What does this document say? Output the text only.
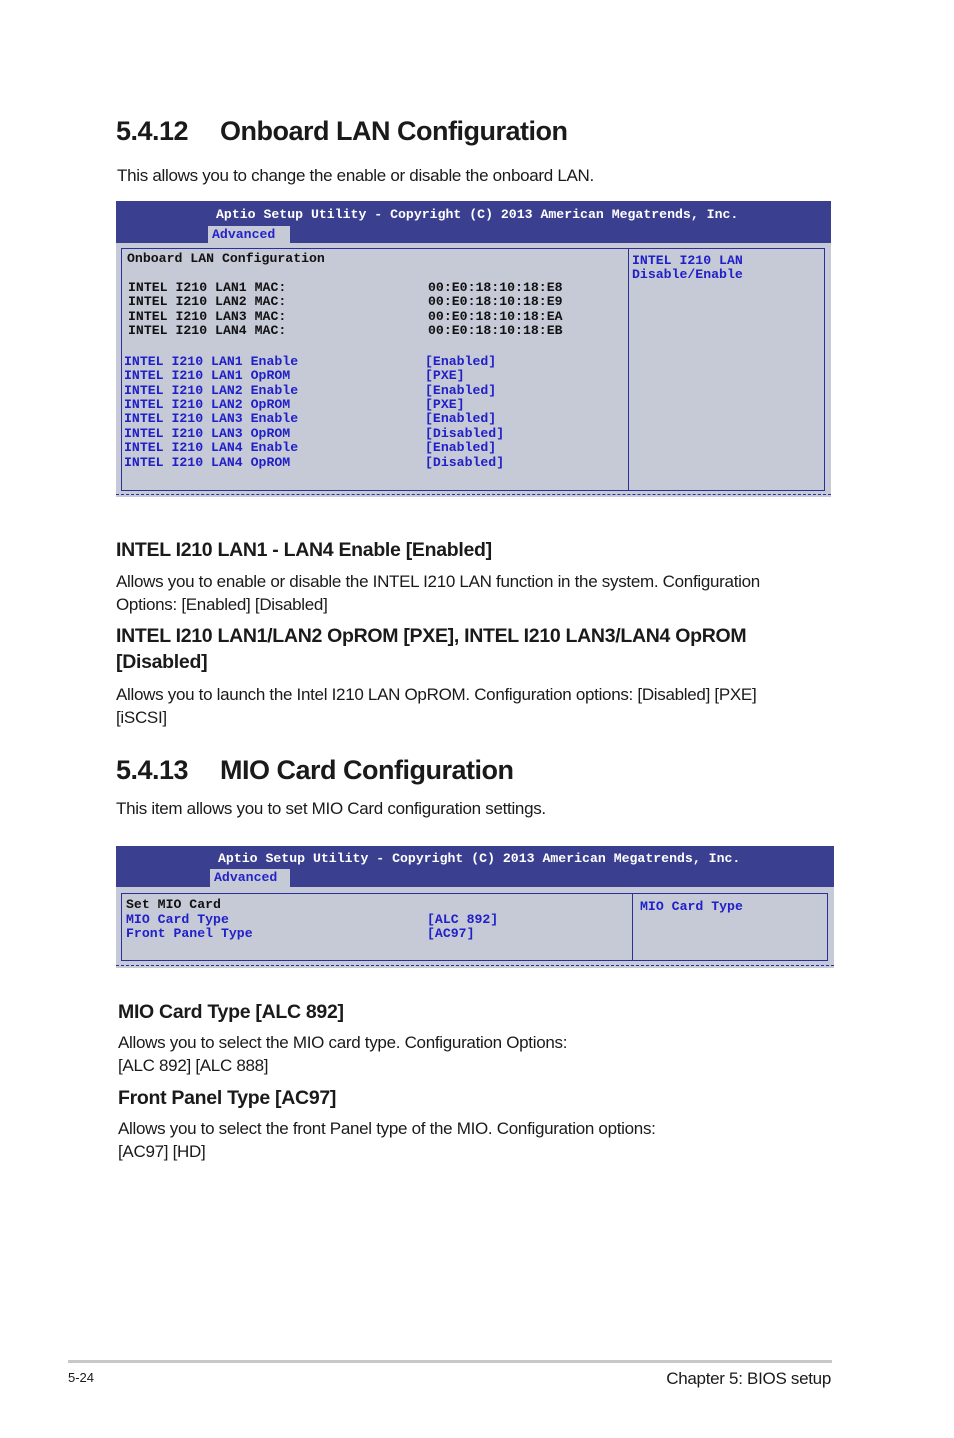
5.4.12 Onboard LAN Configuration
This allows you to change the enable or disable the onboard LAN.
Aptio Setup Utility - Copyright (C) 2013 American Megatrends, Inc.
Advanced
Onboard LAN Configuration
INTEL I210 LAN1 MAC:	00:E0:18:10:18:E8
INTEL I210 LAN2 MAC:	00:E0:18:10:18:E9
INTEL I210 LAN3 MAC:	00:E0:18:10:18:EA
INTEL I210 LAN4 MAC:	00:E0:18:10:18:EB
INTEL I210 LAN1 Enable	[Enabled]
INTEL I210 LAN1 OpROM	[PXE]
INTEL I210 LAN2 Enable	[Enabled]
INTEL I210 LAN2 OpROM	[PXE]
INTEL I210 LAN3 Enable	[Enabled]
INTEL I210 LAN3 OpROM	[Disabled]
INTEL I210 LAN4 Enable	[Enabled]
INTEL I210 LAN4 OpROM	[Disabled]
INTEL I210 LAN
Disable/Enable
INTEL I210 LAN1 - LAN4 Enable [Enabled]
Allows you to enable or disable the INTEL I210 LAN function in the system. Configuration
Options: [Enabled] [Disabled]
INTEL I210 LAN1/LAN2 OpROM [PXE], INTEL I210 LAN3/LAN4 OpROM
[Disabled]
Allows you to launch the Intel I210 LAN OpROM. Configuration options: [Disabled] [PXE]
[iSCSI]
5.4.13 MIO Card Configuration
This item allows you to set MIO Card configuration settings.
Aptio Setup Utility - Copyright (C) 2013 American Megatrends, Inc.
Advanced
Set MIO Card
MIO Card Type	[ALC 892]
Front Panel Type	[AC97]
MIO Card Type
MIO Card Type [ALC 892]
Allows you to select the MIO card type. Configuration Options:
[ALC 892] [ALC 888]
Front Panel Type [AC97]
Allows you to select the front Panel type of the MIO. Configuration options:
[AC97] [HD]
5-24	Chapter 5: BIOS setup
